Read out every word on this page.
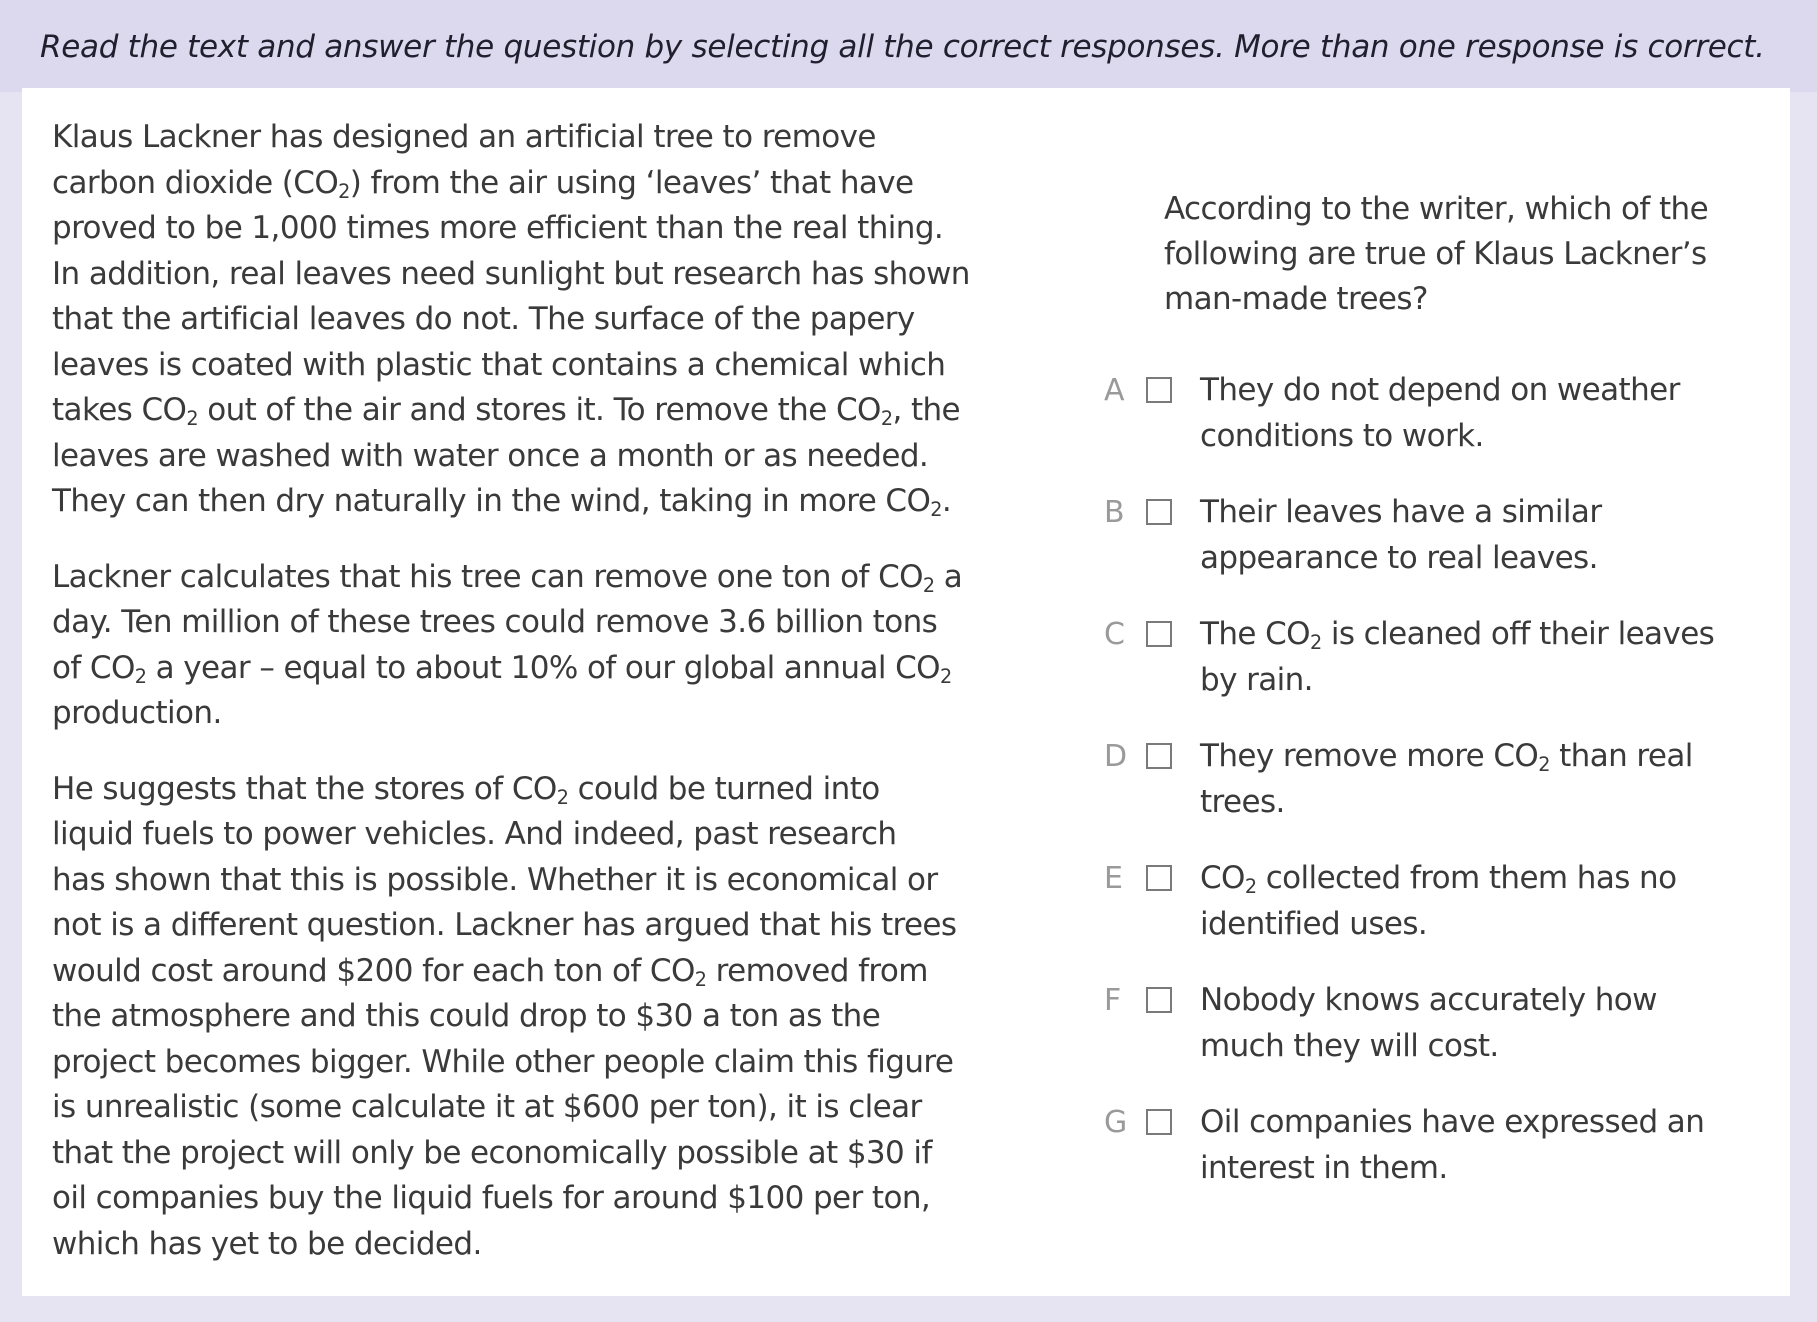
Read the text and answer the question by selecting all the correct responses. More than one response is correct.

Klaus Lackner has designed an artificial tree to remove
carbon dioxide $(CO_2)$ from the air using ‘leaves’ that have
proved to be 1,000 times more efficient than the real thing.
In addition, real leaves need sunlight but research has shown
that the artificial leaves do not. The surface of the papery
leaves is coated with plastic that contains a chemical which
takes $CO_2$ out of the air and stores it. To remove the $CO_2$, the
leaves are washed with water once a month or as needed.
They can then dry naturally in the wind, taking in more $CO_2$.

Lackner calculates that his tree can remove one ton of $CO_2$ a
day. Ten million of these trees could remove 3.6 billion tons
of $CO_2$ a year – equal to about 10% of our global annual $CO_2$
production.

He suggests that the stores of $CO_2$ could be turned into
liquid fuels to power vehicles. And indeed, past research
has shown that this is possible. Whether it is economical or
not is a different question. Lackner has argued that his trees
would cost around $200 for each ton of $CO_2$ removed from
the atmosphere and this could drop to $30 a ton as the
project becomes bigger. While other people claim this figure
is unrealistic (some calculate it at $600 per ton), it is clear
that the project will only be economically possible at $30 if
oil companies buy the liquid fuels for around $100 per ton,
which has yet to be decided.

According to the writer, which of the
following are true of Klaus Lackner’s
man-made trees?

A	They do not depend on weather
conditions to work.
B	Their leaves have a similar
appearance to real leaves.
C The $CO_2$ is cleaned off their leaves
by rain.
D They remove more $CO_2$ than real
trees.
E	$CO_2$ collected from them has no
identified uses.
F	Nobody knows accurately how
much they will cost.
G Oil companies have expressed an
interest in them.
